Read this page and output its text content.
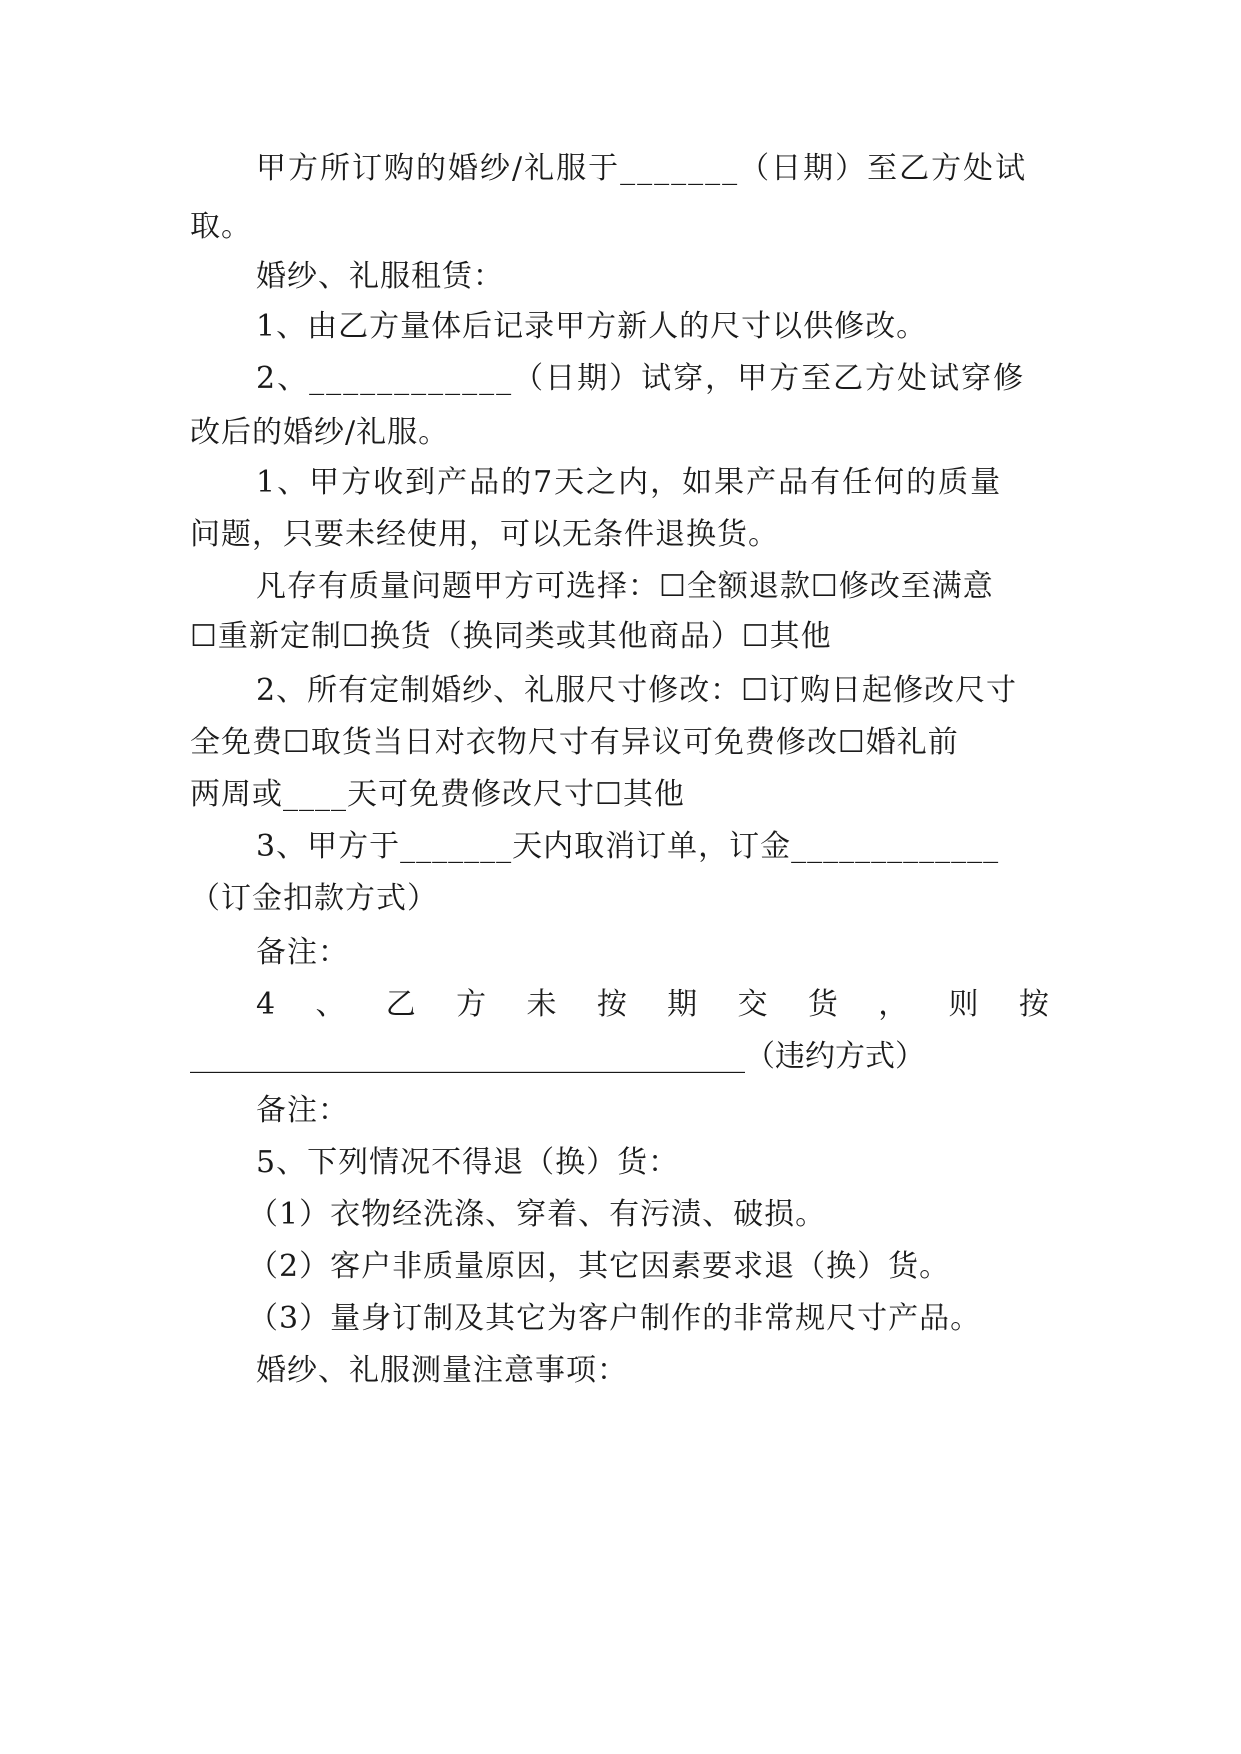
甲方所订购的婚纱/礼服于_______（日期）至乙方处试
取。
婚纱、礼服租赁：
1、由乙方量体后记录甲方新人的尺寸以供修改。
2、____________（日期）试穿，甲方至乙方处试穿修
改后的婚纱/礼服。
1、甲方收到产品的7天之内，如果产品有任何的质量
问题，只要未经使用，可以无条件退换货。
凡存有质量问题甲方可选择：☐全额退款☐修改至满意
☐重新定制☐换货（换同类或其他商品）☐其他
2、所有定制婚纱、礼服尺寸修改：☐订购日起修改尺寸
全免费☐取货当日对衣物尺寸有异议可免费修改☐婚礼前
两周或____天可免费修改尺寸☐其他
3、甲方于_______天内取消订单，订金_____________
（订金扣款方式）
备注：
4 、 乙 方 未 按 期 交 货 ， 则 按
_____________________________________（违约方式）
备注：
5、下列情况不得退（换）货：
（1）衣物经洗涤、穿着、有污渍、破损。
（2）客户非质量原因，其它因素要求退（换）货。
（3）量身订制及其它为客户制作的非常规尺寸产品。
婚纱、礼服测量注意事项：
